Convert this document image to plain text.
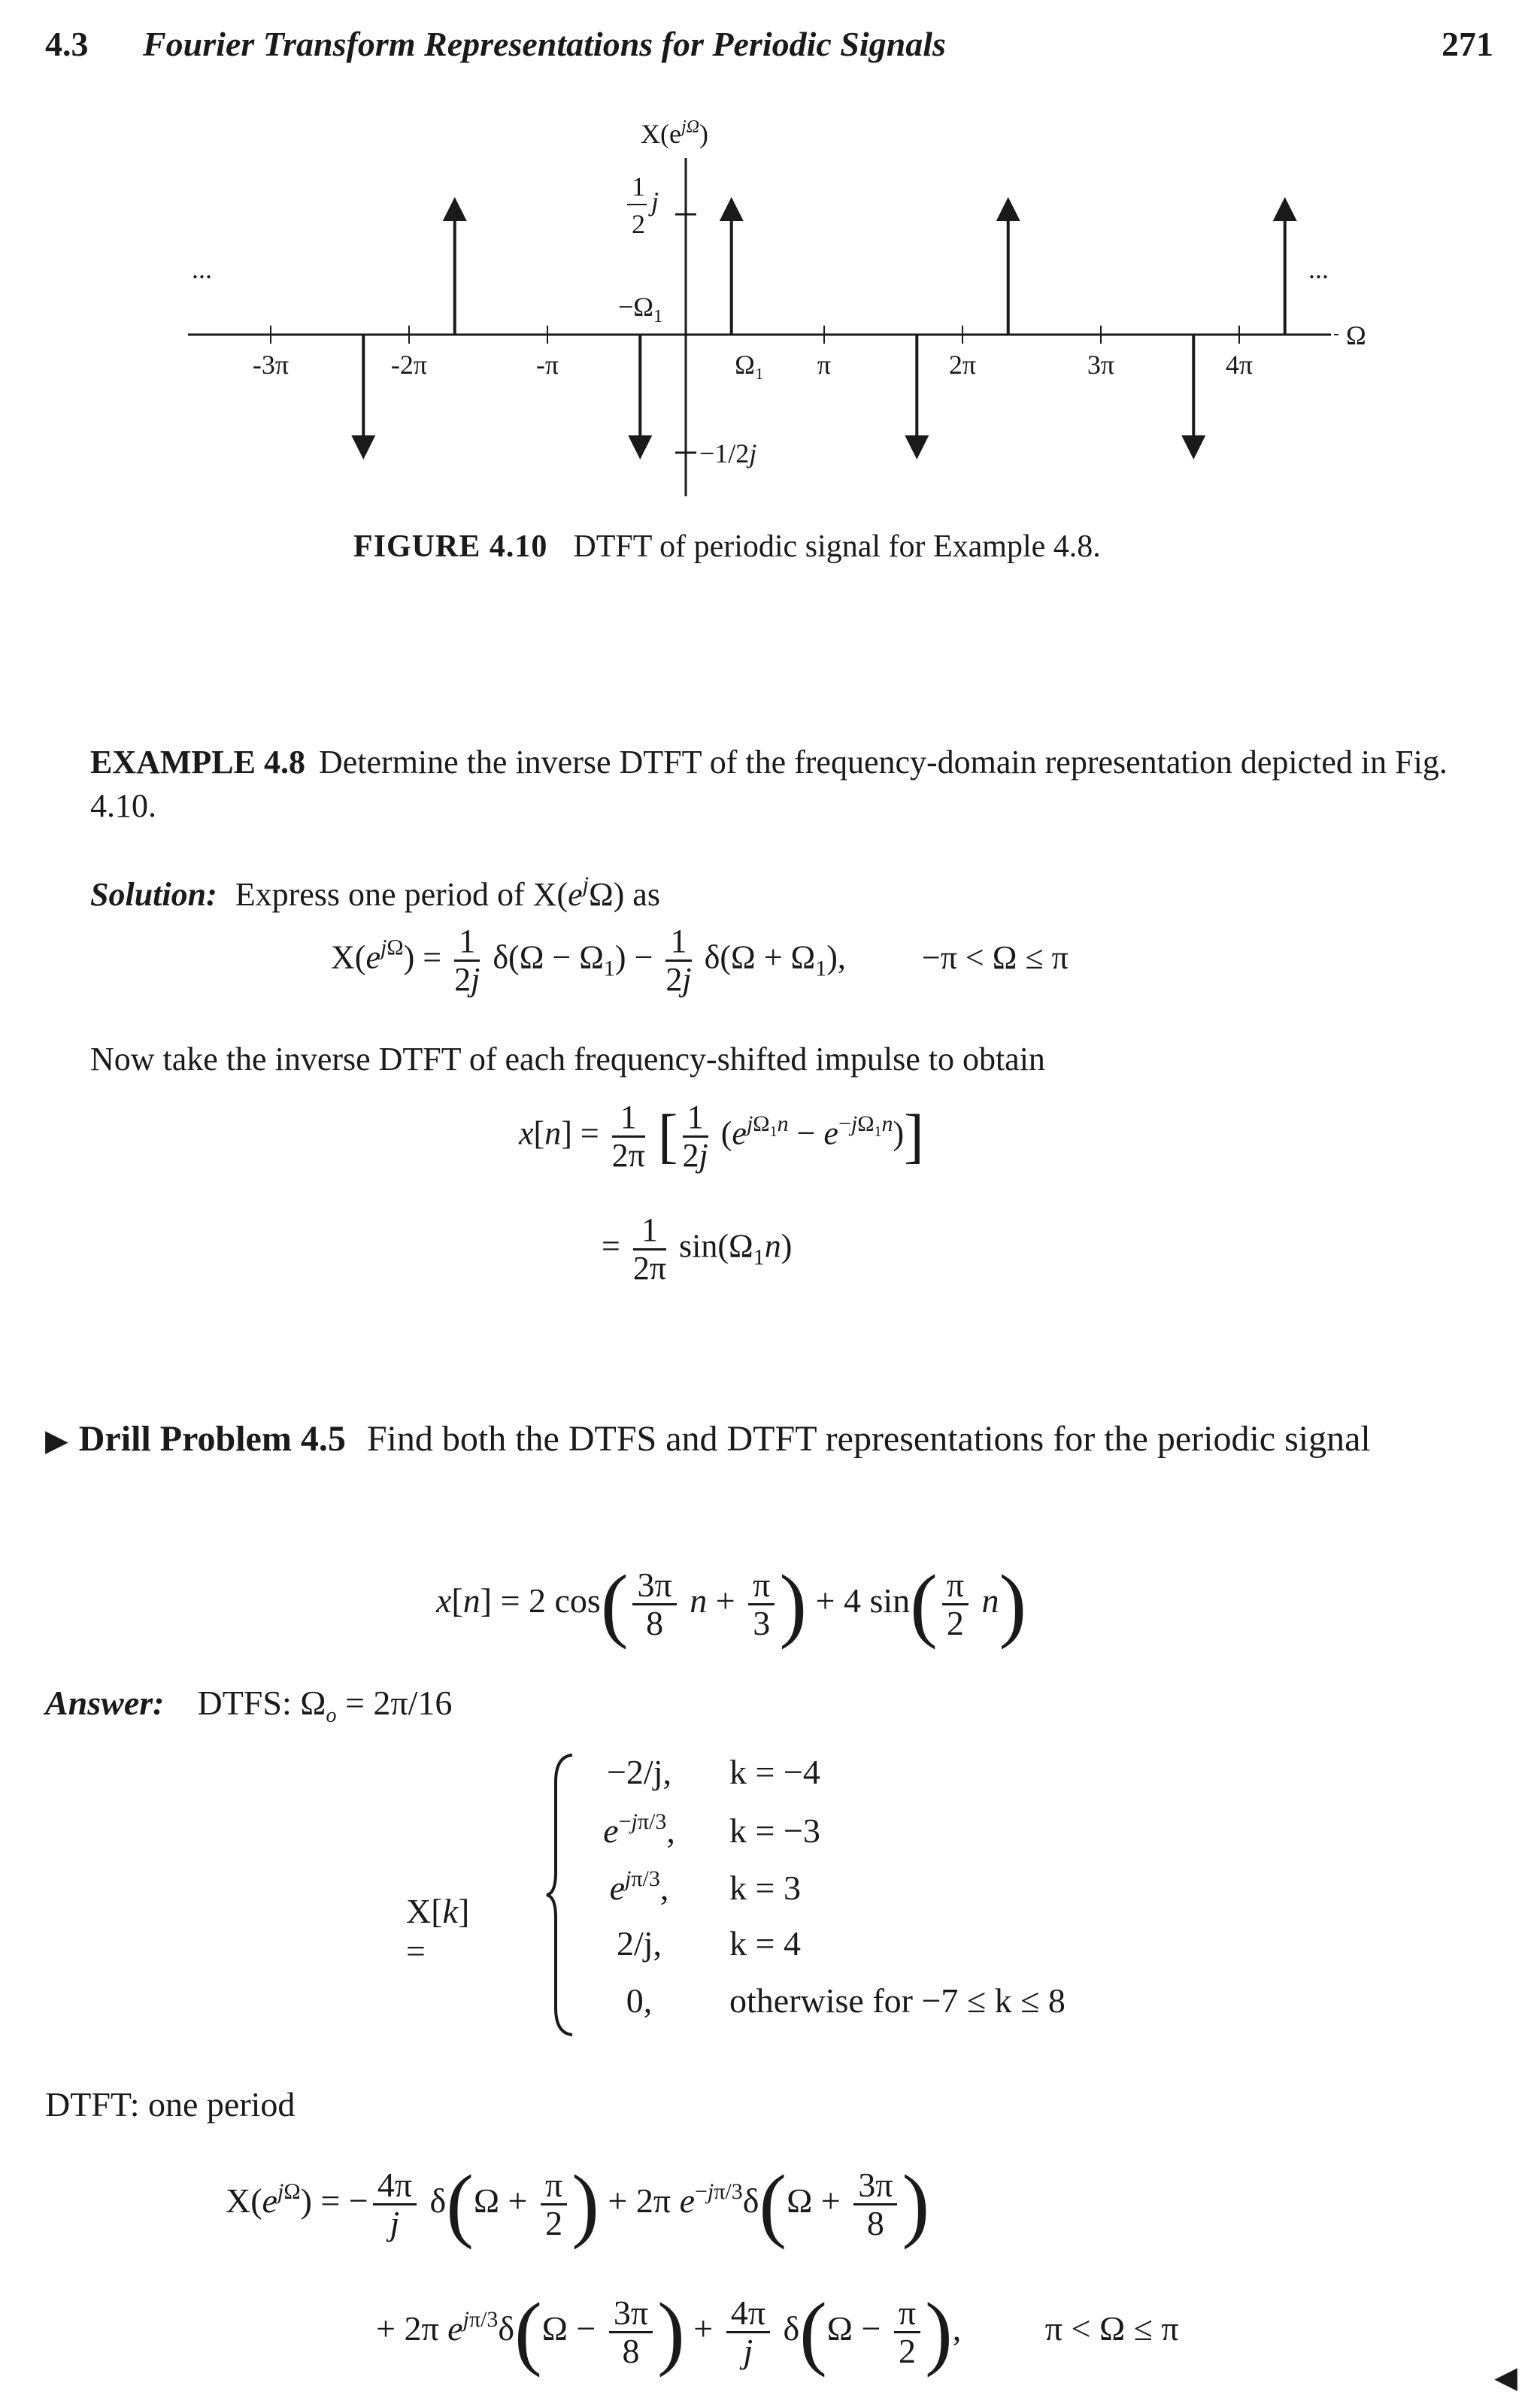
4.3 Fourier Transform Representations for Periodic Signals	271
-3π	-2π	-π	Ω₁ π	2π	3π	4π
$X(e^{j\Omega})$
1
2
j
$-\Omega_1$
−1/2j
...	...
Ω
FIGURE 4.10 DTFT of periodic signal for Example 4.8.
EXAMPLE 4.8 Determine the inverse DTFT of the frequency-domain representation depicted in Fig. 4.10.
Solution: Express one period of $X(e^j\Omega)$ as
$X(e^{j\Omega}) = \frac{1}{2j} \delta(\Omega - \Omega_1) - \frac{1}{2j} \delta(\Omega + \Omega_1)$, −π < Ω ≤ π
Now take the inverse DTFT of each frequency-shifted impulse to obtain
$x[n] = \frac{1}{2\pi}$ [ $\frac{1}{2j} (e^{j\Omega_1n} - e^{-j\Omega_1n})$]
= $\frac{1}{2\pi} \sin(\Omega_1n)$
▶ Drill Problem 4.5 Find both the DTFS and DTFT representations for the periodic signal
x[n] = 2 $\cos( \frac{3\pi}{8}$ $n + \frac{\pi}{3}$ ) + 4 $\sin( \frac{\pi}{2} n)$
Answer: DTFS: $\Omega_o = 2\pi/16$
X[k] =
−2/j, k = −4
$e^{-j\pi/3}$, k = −3
$e^{j\pi/3}$, k = 3
2/j, k = 4
0, otherwise for −7 ≤ k ≤ 8
DTFT: one period
$X(e^{j\Omega})$ = − $\frac{4\pi}{j} \delta(\Omega + \frac{\pi}{2}$ ) + 2π $e^{-j\pi/3}\delta(\Omega + \frac{3\pi}{8}$ )
+ 2π $e^{j\pi/3}\delta(\Omega - \frac{3\pi}{8}$ ) + $\frac{4\pi}{j} \delta(\Omega - \frac{\pi}{2}$ ), π < Ω ≤ π
◀
